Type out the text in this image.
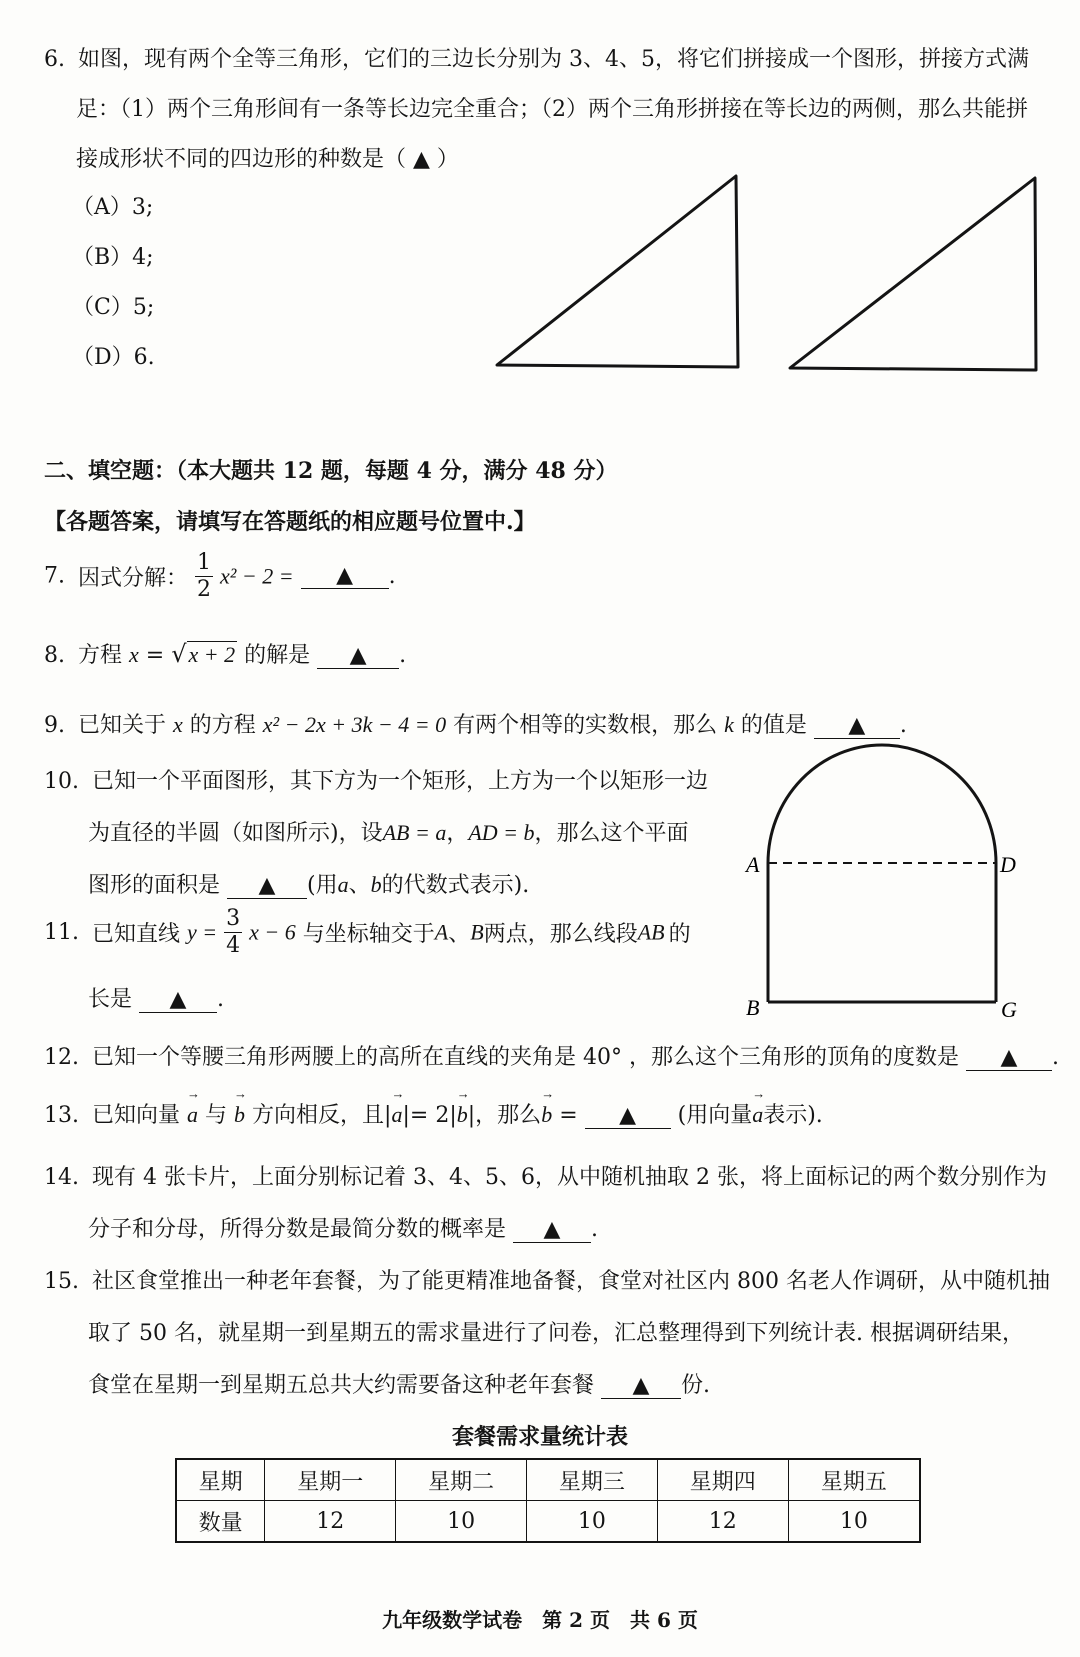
6. 如图，现有两个全等三角形，它们的三边长分别为 3、4、5，将它们拼接成一个图形，拼接方式满
足：（1）两个三角形间有一条等长边完全重合；（2）两个三角形拼接在等长边的两侧，那么共能拼
接成形状不同的四边形的种数是（ ▲ ）
（A）3;
（B）4;
（C）5;
（D）6.
二、填空题：（本大题共 12 题，每题 4 分，满分 48 分）
【各题答案，请填写在答题纸的相应题号位置中.】
7. 因式分解： $\frac{1}{2} x^2 - 2$ = ▲ .
8. 方程 x = √x + 2 的解是 ▲ .
9. 已知关于 x 的方程 x² − 2x + 3k − 4 = 0 有两个相等的实数根，那么 k 的值是 ▲ .
10. 已知一个平面图形，其下方为一个矩形，上方为一个以矩形一边
为直径的半圆（如图所示)，设AB = a，AD = b，那么这个平面
图形的面积是 ▲ (用a、b的代数式表示).
A	D
B	G
11. 已知直线 $y = \frac{3}{4}$ x − 6 与坐标轴交于A、B两点，那么线段AB 的
长是 ▲ .
12. 已知一个等腰三角形两腰上的高所在直线的夹角是 40° ，那么这个三角形的顶角的度数是 ▲ .
13. 已知向量 → a 与 → b 方向相反，且|→ a|= 2|→ b|，那么→ b = ▲ (用向量→ a表示).
14. 现有 4 张卡片，上面分别标记着 3、4、5、6，从中随机抽取 2 张，将上面标记的两个数分别作为
分子和分母，所得分数是最简分数的概率是 ▲ .
15. 社区食堂推出一种老年套餐，为了能更精准地备餐，食堂对社区内 800 名老人作调研，从中随机抽
取了 50 名，就星期一到星期五的需求量进行了问卷，汇总整理得到下列统计表. 根据调研结果，
食堂在星期一到星期五总共大约需要备这种老年套餐 ▲ 份.
套餐需求量统计表
星期	星期一	星期二	星期三	星期四	星期五
数量	12	10	10	12	10
九年级数学试卷　第 2 页　共 6 页
